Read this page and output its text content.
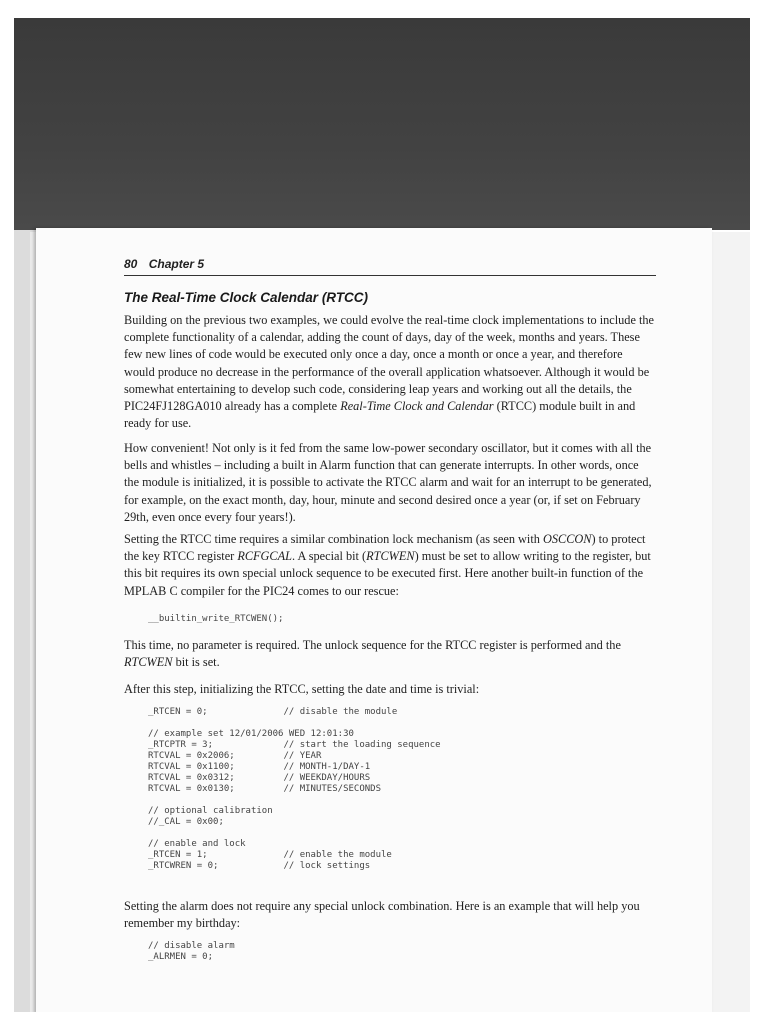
80 Chapter 5
The Real-Time Clock Calendar (RTCC)

Building on the previous two examples, we could evolve the real-time clock implementations to include the complete functionality of a calendar, adding the count of days, day of the week, months and years. These few new lines of code would be executed only once a day, once a month or once a year, and therefore would produce no decrease in the performance of the overall application whatsoever. Although it would be somewhat entertaining to develop such code, considering leap years and working out all the details, the PIC24FJ128GA010 already has a complete Real-Time Clock and Calendar (RTCC) module built in and ready for use.

How convenient! Not only is it fed from the same low-power secondary oscillator, but it comes with all the bells and whistles – including a built in Alarm function that can generate interrupts. In other words, once the module is initialized, it is possible to activate the RTCC alarm and wait for an interrupt to be generated, for example, on the exact month, day, hour, minute and second desired once a year (or, if set on February 29th, even once every four years!).

Setting the RTCC time requires a similar combination lock mechanism (as seen with OSCCON) to protect the key RTCC register RCFGCAL. A special bit (RTCWEN) must be set to allow writing to the register, but this bit requires its own special unlock sequence to be executed first. Here another built-in function of the MPLAB C compiler for the PIC24 comes to our rescue:

__builtin_write_RTCWEN();

This time, no parameter is required. The unlock sequence for the RTCC register is performed and the RTCWEN bit is set.

After this step, initializing the RTCC, setting the date and time is trivial:

_RTCEN = 0;              // disable the module

// example set 12/01/2006 WED 12:01:30
_RTCPTR = 3;             // start the loading sequence
RTCVAL = 0x2006;         // YEAR
RTCVAL = 0x1100;         // MONTH-1/DAY-1
RTCVAL = 0x0312;         // WEEKDAY/HOURS
RTCVAL = 0x0130;         // MINUTES/SECONDS

// optional calibration
//_CAL = 0x00;

// enable and lock
_RTCEN = 1;              // enable the module
_RTCWREN = 0;            // lock settings

Setting the alarm does not require any special unlock combination. Here is an example that will help you remember my birthday:

// disable alarm
_ALRMEN = 0;
